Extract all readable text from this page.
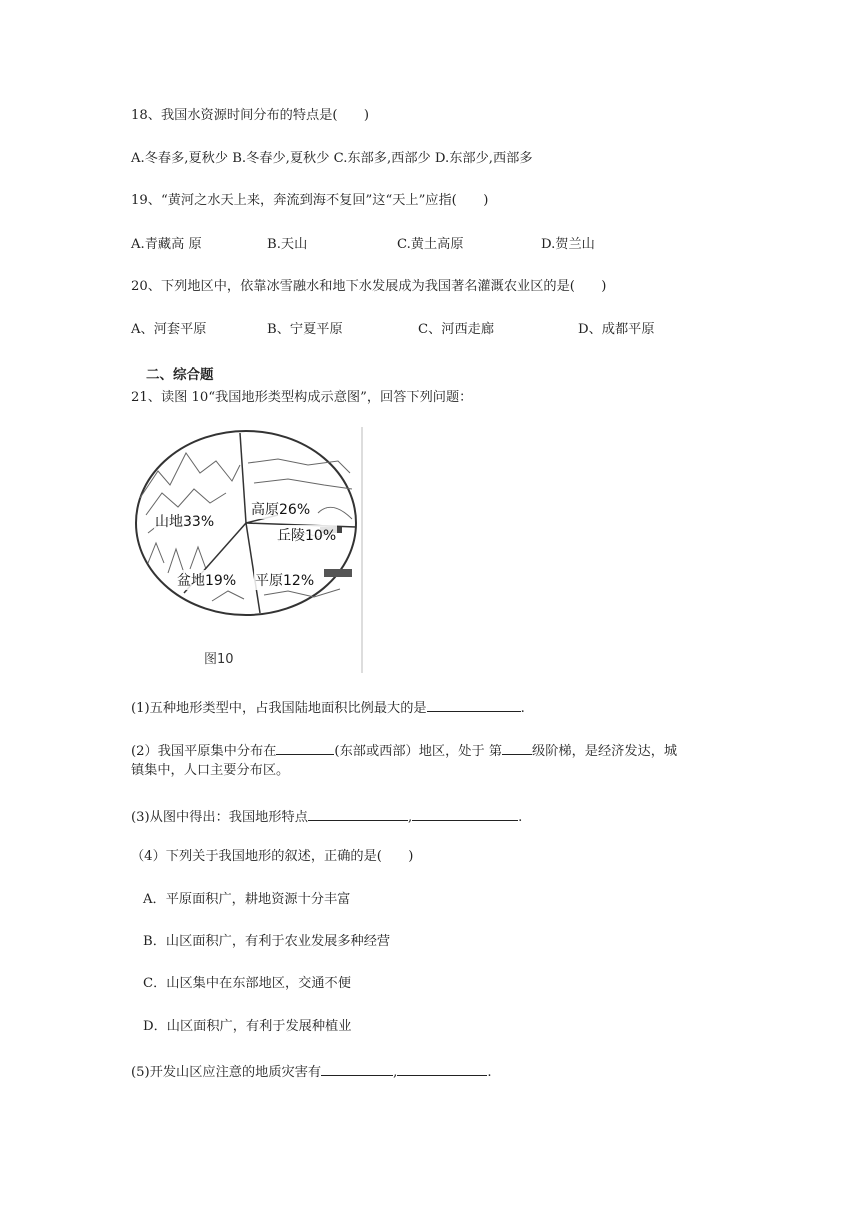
18、我国水资源时间分布的特点是(　　)
A.冬春多,夏秋少 B.冬春少,夏秋少 C.东部多,西部少 D.东部少,西部多
19、“黄河之水天上来，奔流到海不复回”这“天上”应指(　　)
A.青藏高 原	B.天山	C.黄土高原	D.贺兰山
20、下列地区中，依靠冰雪融水和地下水发展成为我国著名灌溉农业区的是(　　)
A、河套平原	B、宁夏平原	C、河西走廊	D、成都平原
二、综合题
21、读图 10“我国地形类型构成示意图”，回答下列问题：
山地33%
高原26%
丘陵10%
盆地19% 平原12%
图10
(1)五种地形类型中，占我国陆地面积比例最大的是	.
(2）我国平原集中分布在	(东部或西部）地区，处于 第 级阶梯，是经济发达，城
镇集中，人口主要分布区。
(3)从图中得出：我国地形特点	,	.
（4）下列关于我国地形的叙述，正确的是(　　)
A．平原面积广，耕地资源十分丰富
B．山区面积广，有利于农业发展多种经营
C．山区集中在东部地区，交通不便
D．山区面积广，有利于发展种植业
(5)开发山区应注意的地质灾害有	,	.
